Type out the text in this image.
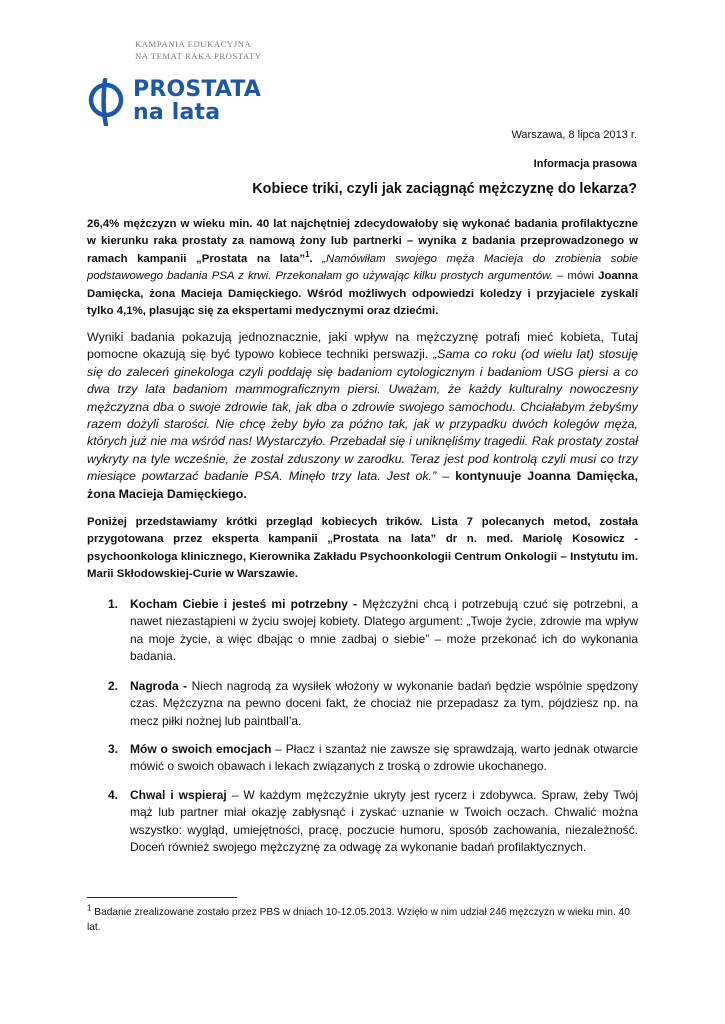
KAMPANIA EDUKACYJNA
NA TEMAT RAKA PROSTATY
PROSTATA
na lata
Warszawa, 8 lipca 2013 r.
Informacja prasowa
Kobiece triki, czyli jak zaciągnąć mężczyznę do lekarza?
26,4% mężczyzn w wieku min. 40 lat najchętniej zdecydowałoby się wykonać badania profilaktyczne w kierunku raka prostaty za namową żony lub partnerki – wynika z badania przeprowadzonego w ramach kampanii „Prostata na lata”$^1$. „Namówiłam swojego męża Macieja do zrobienia sobie podstawowego badania PSA z krwi. Przekonałam go używając kilku prostych argumentów. – mówi Joanna Damięcka, żona Macieja Damięckiego. Wśród możliwych odpowiedzi koledzy i przyjaciele zyskali tylko 4,1%, plasując się za ekspertami medycznymi oraz dziećmi.
Wyniki badania pokazują jednoznacznie, jaki wpływ na mężczyznę potrafi mieć kobieta, Tutaj pomocne okazują się być typowo kobiece techniki perswazji. „Sama co roku (od wielu lat) stosuję się do zaleceń ginekologa czyli poddaję się badaniom cytologicznym i badaniom USG piersi a co dwa trzy lata badaniom mammograficznym piersi. Uważam, że każdy kulturalny nowoczesny mężczyzna dba o swoje zdrowie tak, jak dba o zdrowie swojego samochodu. Chciałabym żebyśmy razem dożyli starości. Nie chcę żeby było za późno tak, jak w przypadku dwóch kolegów męża, których już nie ma wśród nas! Wystarczyło. Przebadał się i uniknęliśmy tragedii. Rak prostaty został wykryty na tyle wcześnie, że został zduszony w zarodku. Teraz jest pod kontrolą czyli musi co trzy miesiące powtarzać badanie PSA. Minęło trzy lata. Jest ok.” – kontynuuje Joanna Damięcka, żona Macieja Damięckiego.
Poniżej przedstawiamy krótki przegląd kobiecych trików. Lista 7 polecanych metod, została przygotowana przez eksperta kampanii „Prostata na lata” dr n. med. Mariolę Kosowicz - psychoonkologa klinicznego, Kierownika Zakładu Psychoonkologii Centrum Onkologii – Instytutu im. Marii Skłodowskiej-Curie w Warszawie.
1. Kocham Ciebie i jesteś mi potrzebny - Mężczyźni chcą i potrzebują czuć się potrzebni, a nawet niezastąpieni w życiu swojej kobiety. Dlatego argument: „Twoje życie, zdrowie ma wpływ na moje życie, a więc dbając o mnie zadbaj o siebie” – może przekonać ich do wykonania badania.
2. Nagroda - Niech nagrodą za wysiłek włożony w wykonanie badań będzie wspólnie spędzony czas. Mężczyzna na pewno doceni fakt, że chociaż nie przepadasz za tym, pójdziesz np. na mecz piłki nożnej lub paintball’a.
3. Mów o swoich emocjach – Płacz i szantaż nie zawsze się sprawdzają, warto jednak otwarcie mówić o swoich obawach i lekach związanych z troską o zdrowie ukochanego.
4. Chwal i wspieraj – W każdym mężczyźnie ukryty jest rycerz i zdobywca. Spraw, żeby Twój mąż lub partner miał okazję zabłysnąć i zyskać uznanie w Twoich oczach. Chwalić można wszystko: wygląd, umiejętności, pracę, poczucie humoru, sposób zachowania, niezależność. Doceń również swojego mężczyznę za odwagę za wykonanie badań profilaktycznych.
$^1$ Badanie zrealizowane zostało przez PBS w dniach 10-12.05.2013. Wzięło w nim udział 246 mężczyzn w wieku min. 40 lat.
